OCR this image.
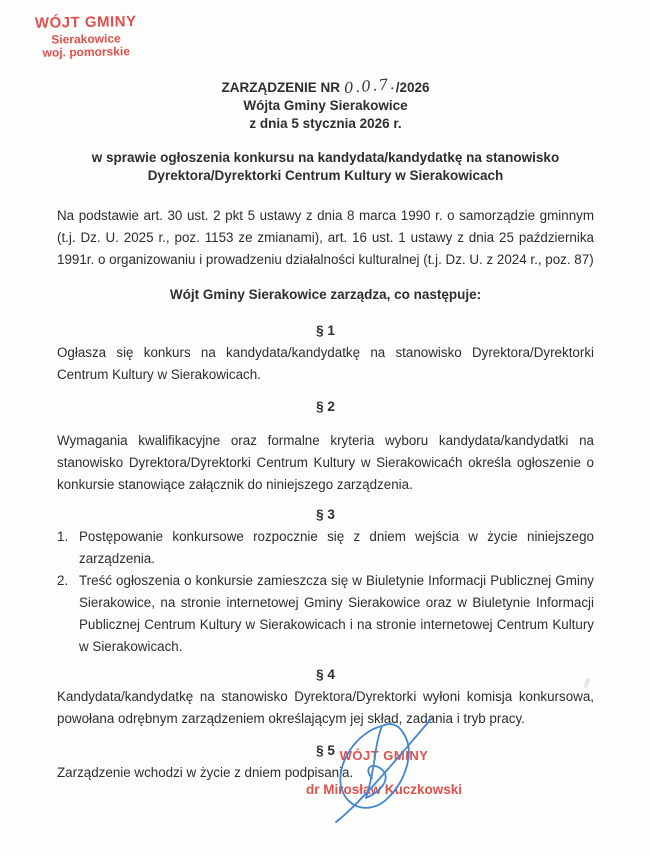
WÓJT GMINY
Sierakowice
woj. pomorskie
ZARZĄDZENIE NR 0.0.7./2026
Wójta Gminy Sierakowice
z dnia 5 stycznia 2026 r.
w sprawie ogłoszenia konkursu na kandydata/kandydatkę na stanowisko
Dyrektora/Dyrektorki Centrum Kultury w Sierakowicach

Na podstawie art. 30 ust. 2 pkt 5 ustawy z dnia 8 marca 1990 r. o samorządzie gminnym (t.j. Dz. U. 2025 r., poz. 1153 ze zmianami), art. 16 ust. 1 ustawy z dnia 25 października 1991r. o organizowaniu i prowadzeniu działalności kulturalnej (t.j. Dz. U. z 2024 r., poz. 87)

Wójt Gminy Sierakowice zarządza, co następuje:

§ 1

Ogłasza się konkurs na kandydata/kandydatkę na stanowisko Dyrektora/Dyrektorki Centrum Kultury w Sierakowicach.

§ 2

Wymagania kwalifikacyjne oraz formalne kryteria wyboru kandydata/kandydatki na stanowisko Dyrektora/Dyrektorki Centrum Kultury w Sierakowicaćh określa ogłoszenie o konkursie stanowiące załącznik do niniejszego zarządzenia.

§ 3
1. Postępowanie konkursowe rozpocznie się z dniem wejścia w życie niniejszego zarządzenia.
2. Treść ogłoszenia o konkursie zamieszcza się w Biuletynie Informacji Publicznej Gminy Sierakowice, na stronie internetowej Gminy Sierakowice oraz w Biuletynie Informacji Publicznej Centrum Kultury w Sierakowicach i na stronie internetowej Centrum Kultury w Sierakowicach.
§ 4

Kandydata/kandydatkę na stanowisko Dyrektora/Dyrektorki wyłoni komisja konkursowa, powołana odrębnym zarządzeniem określającym jej skład, zadania i tryb pracy.

§ 5

Zarządzenie wchodzi w życie z dniem podpisania.

WÓJT GMINY
dr Mirosław Kuczkowski
